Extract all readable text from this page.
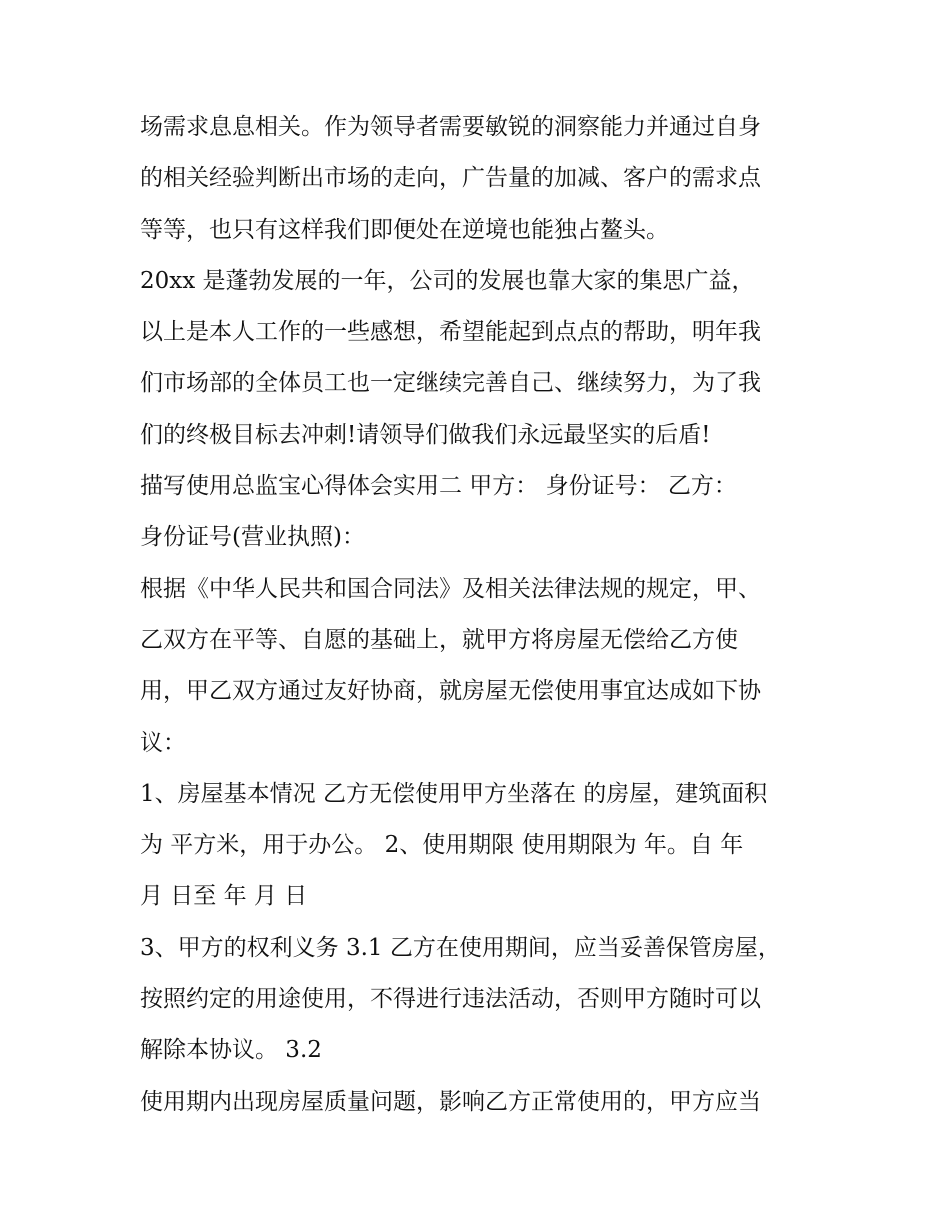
场需求息息相关。作为领导者需要敏锐的洞察能力并通过自身
的相关经验判断出市场的走向，广告量的加减、客户的需求点
等等，也只有这样我们即便处在逆境也能独占鳌头。
20xx 是蓬勃发展的一年，公司的发展也靠大家的集思广益，
以上是本人工作的一些感想，希望能起到点点的帮助，明年我
们市场部的全体员工也一定继续完善自己、继续努力，为了我
们的终极目标去冲刺!请领导们做我们永远最坚实的后盾!
描写使用总监宝心得体会实用二 甲方： 身份证号： 乙方：
身份证号(营业执照)：
根据《中华人民共和国合同法》及相关法律法规的规定，甲、
乙双方在平等、自愿的基础上，就甲方将房屋无偿给乙方使
用，甲乙双方通过友好协商，就房屋无偿使用事宜达成如下协
议：
1、房屋基本情况 乙方无偿使用甲方坐落在 的房屋，建筑面积
为 平方米，用于办公。 2、使用期限 使用期限为 年。自 年
月 日至 年 月 日
3、甲方的权利义务 3.1 乙方在使用期间，应当妥善保管房屋，
按照约定的用途使用，不得进行违法活动，否则甲方随时可以
解除本协议。 3.2
使用期内出现房屋质量问题，影响乙方正常使用的，甲方应当
